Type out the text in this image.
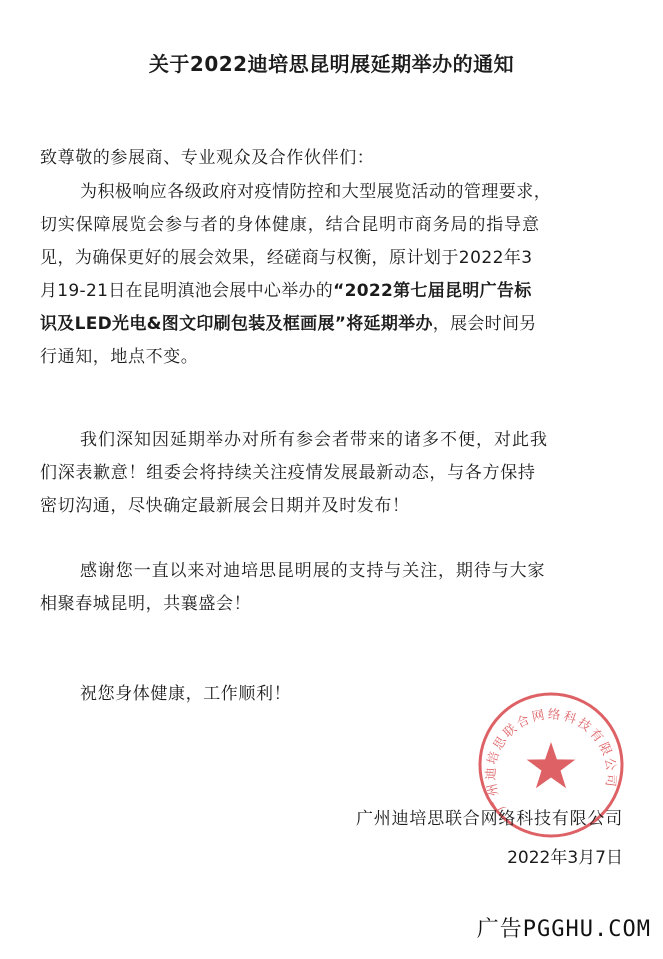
关于2022迪培思昆明展延期举办的通知
致尊敬的参展商、专业观众及合作伙伴们：
为积极响应各级政府对疫情防控和大型展览活动的管理要求，
切实保障展览会参与者的身体健康，结合昆明市商务局的指导意
见，为确保更好的展会效果，经磋商与权衡，原计划于2022年3
月19-21日在昆明滇池会展中心举办的“2022第七届昆明广告标
识及LED光电&图文印刷包装及框画展”将延期举办，展会时间另
行通知，地点不变。
我们深知因延期举办对所有参会者带来的诸多不便，对此我
们深表歉意！组委会将持续关注疫情发展最新动态，与各方保持
密切沟通，尽快确定最新展会日期并及时发布！
感谢您一直以来对迪培思昆明展的支持与关注，期待与大家
相聚春城昆明，共襄盛会！
祝您身体健康，工作顺利！
广州迪培思联合网络科技有限公司
广州迪培思联合网络科技有限公司
2022年3月7日
广告PGGHU.COM
